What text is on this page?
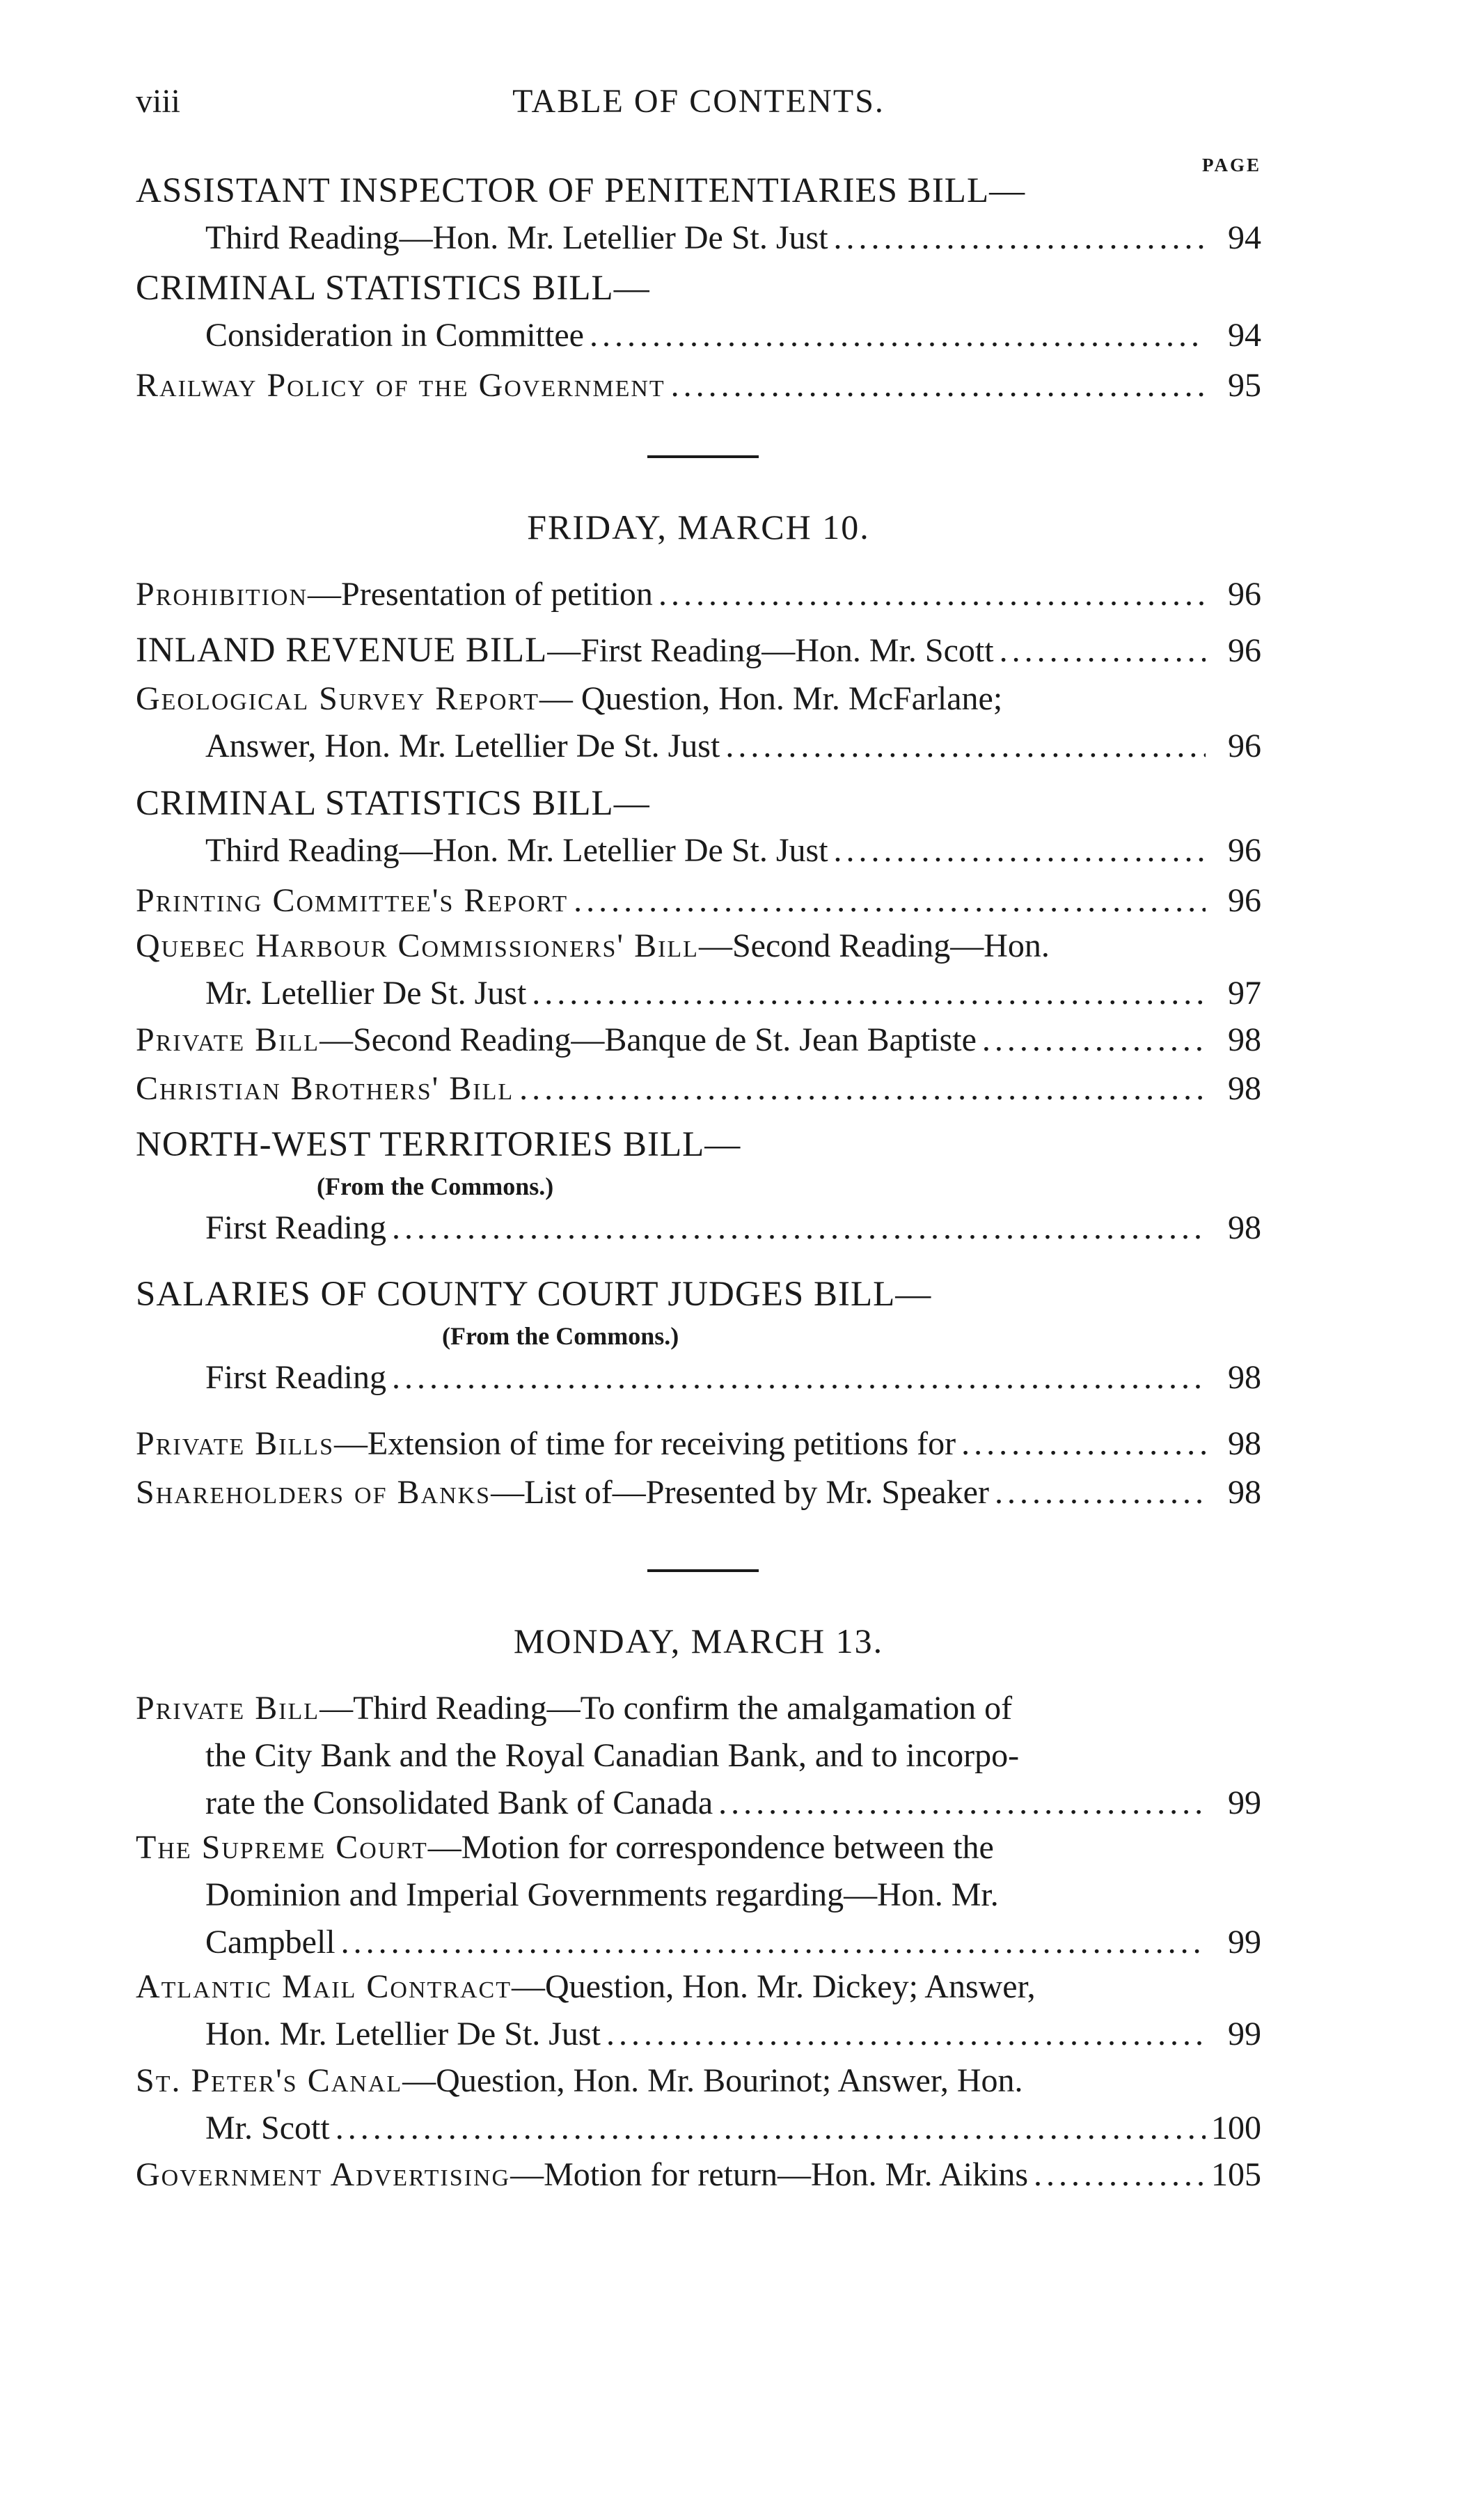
viii	TABLE OF CONTENTS.
PAGE
ASSISTANT INSPECTOR OF PENITENTIARIES BILL—
Third Reading—Hon. Mr. Letellier De St. Just .....	94
CRIMINAL STATISTICS BILL—
Consideration in Committee .....	94
Railway Policy of the Government .....	95
FRIDAY, MARCH 10.
Prohibition —Presentation of petition .....	96
INLAND REVENUE BILL —First Reading—Hon. Mr. Scott .....	96
Geological Survey Report — Question, Hon. Mr. McFarlane;
Answer, Hon. Mr. Letellier De St. Just .....	96
CRIMINAL STATISTICS BILL—
Third Reading—Hon. Mr. Letellier De St. Just .....	96
Printing Committee's Report .....	96
Quebec Harbour Commissioners' Bill —Second Reading—Hon.
Mr. Letellier De St. Just .....	97
Private Bill —Second Reading—Banque de St. Jean Baptiste .....	98
Christian Brothers' Bill .....	98
NORTH-WEST TERRITORIES BILL—
(From the Commons.)
First Reading .....	98
SALARIES OF COUNTY COURT JUDGES BILL—
(From the Commons.)
First Reading .....	98
Private Bills —Extension of time for receiving petitions for .....	98
Shareholders of Banks —List of—Presented by Mr. Speaker .....	98
MONDAY, MARCH 13.
Private Bill —Third Reading—To confirm the amalgamation of
the City Bank and the Royal Canadian Bank, and to incorpo-
rate the Consolidated Bank of Canada .....	99
The Supreme Court —Motion for correspondence between the
Dominion and Imperial Governments regarding—Hon. Mr.
Campbell .....	99
Atlantic Mail Contract —Question, Hon. Mr. Dickey; Answer,
Hon. Mr. Letellier De St. Just .....	99
St. Peter's Canal —Question, Hon. Mr. Bourinot; Answer, Hon.
Mr. Scott .....	100
Government Advertising —Motion for return—Hon. Mr. Aikins .....	105
